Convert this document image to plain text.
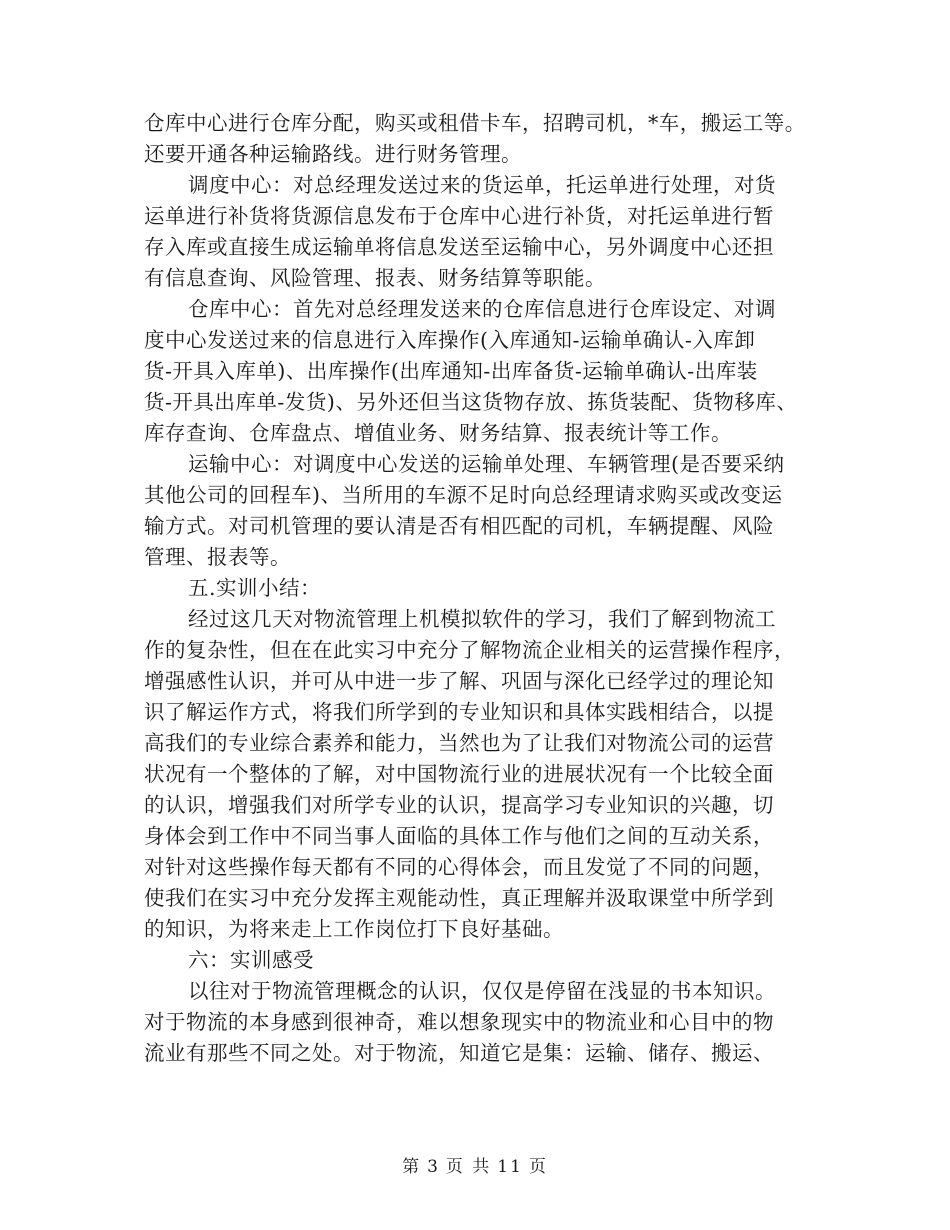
仓库中心进行仓库分配，购买或租借卡车，招聘司机，*车，搬运工等。
还要开通各种运输路线。进行财务管理。
调度中心：对总经理发送过来的货运单，托运单进行处理，对货
运单进行补货将货源信息发布于仓库中心进行补货，对托运单进行暂
存入库或直接生成运输单将信息发送至运输中心，另外调度中心还担
有信息查询、风险管理、报表、财务结算等职能。
仓库中心：首先对总经理发送来的仓库信息进行仓库设定、对调
度中心发送过来的信息进行入库操作(入库通知-运输单确认-入库卸
货-开具入库单)、出库操作(出库通知-出库备货-运输单确认-出库装
货-开具出库单-发货)、另外还但当这货物存放、拣货装配、货物移库、
库存查询、仓库盘点、增值业务、财务结算、报表统计等工作。
运输中心：对调度中心发送的运输单处理、车辆管理(是否要采纳
其他公司的回程车)、当所用的车源不足时向总经理请求购买或改变运
输方式。对司机管理的要认清是否有相匹配的司机，车辆提醒、风险
管理、报表等。
五.实训小结：
经过这几天对物流管理上机模拟软件的学习，我们了解到物流工
作的复杂性，但在在此实习中充分了解物流企业相关的运营操作程序，
增强感性认识，并可从中进一步了解、巩固与深化已经学过的理论知
识了解运作方式，将我们所学到的专业知识和具体实践相结合，以提
高我们的专业综合素养和能力，当然也为了让我们对物流公司的运营
状况有一个整体的了解，对中国物流行业的进展状况有一个比较全面
的认识，增强我们对所学专业的认识，提高学习专业知识的兴趣，切
身体会到工作中不同当事人面临的具体工作与他们之间的互动关系，
对针对这些操作每天都有不同的心得体会，而且发觉了不同的问题，
使我们在实习中充分发挥主观能动性，真正理解并汲取课堂中所学到
的知识，为将来走上工作岗位打下良好基础。
六：实训感受
以往对于物流管理概念的认识，仅仅是停留在浅显的书本知识。
对于物流的本身感到很神奇，难以想象现实中的物流业和心目中的物
流业有那些不同之处。对于物流，知道它是集：运输、储存、搬运、
第 3 页 共 11 页
